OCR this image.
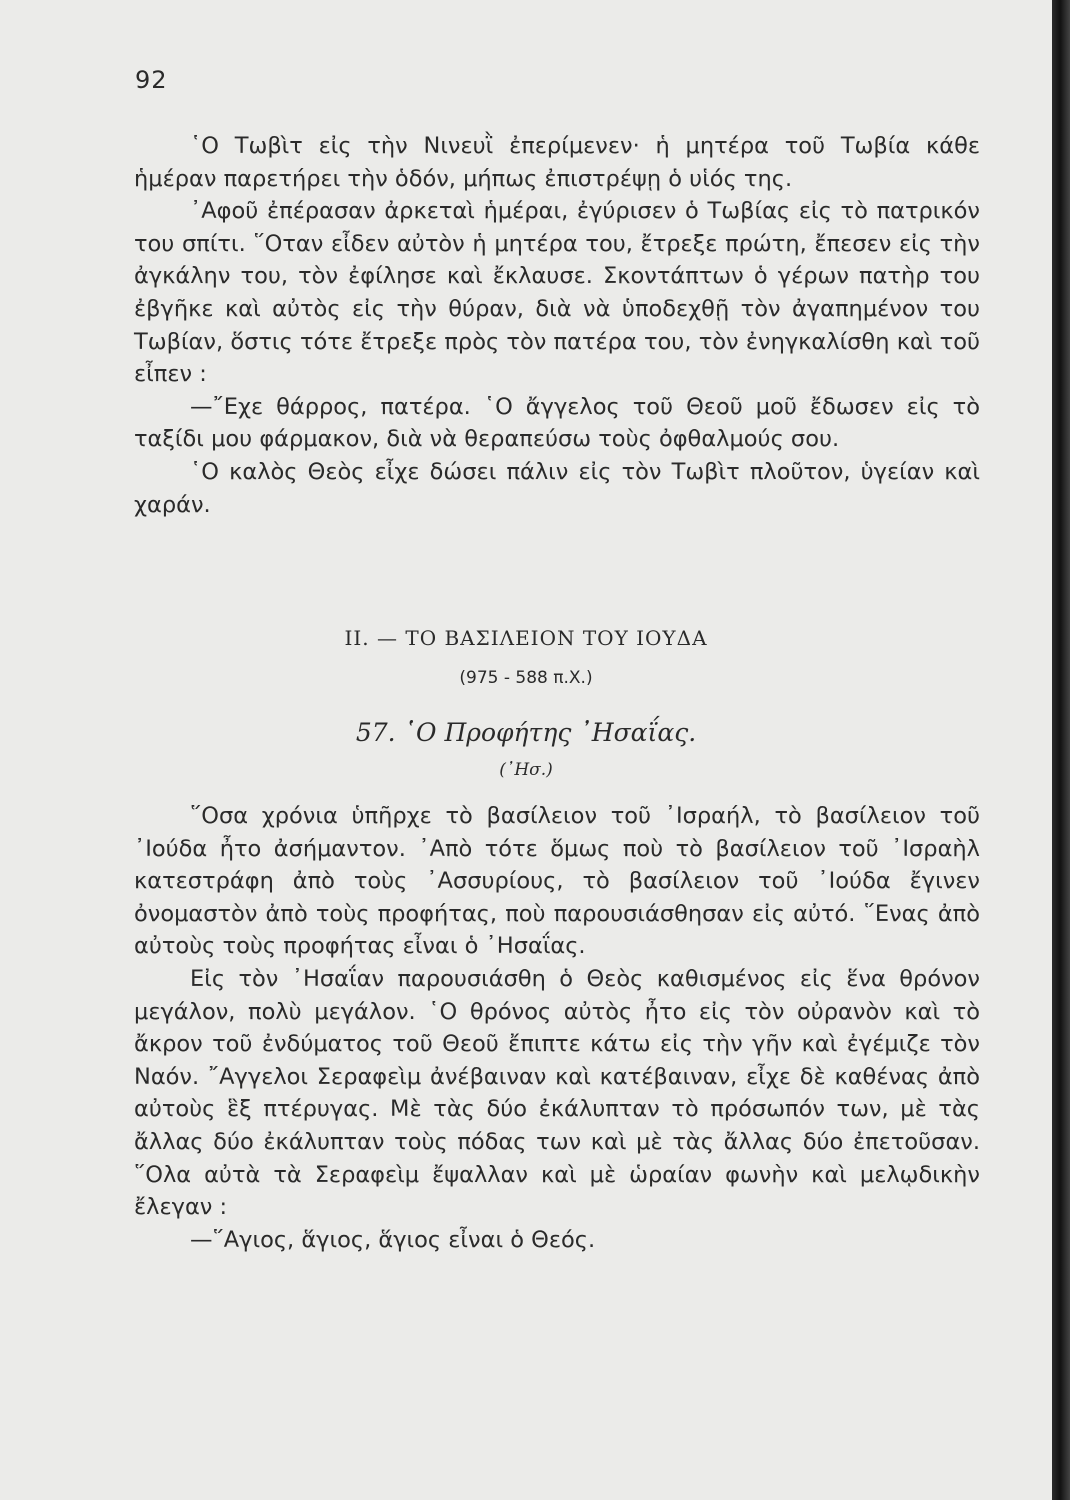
92

῾Ο Τωβὶτ εἰς τὴν Νινευῒ ἐπερίμενεν· ἡ μητέρα τοῦ Τωβία κάθε ἡμέραν παρετήρει τὴν ὁδόν, μήπως ἐπιστρέψῃ ὁ υἱός της.

᾿Αφοῦ ἐπέρασαν ἀρκεταὶ ἡμέραι, ἐγύρισεν ὁ Τωβίας εἰς τὸ πατρικόν του σπίτι. ῞Οταν εἶδεν αὐτὸν ἡ μητέρα του, ἔτρεξε πρώτη, ἔπεσεν εἰς τὴν ἀγκάλην του, τὸν ἐφίλησε καὶ ἔκλαυσε. Σκοντάπτων ὁ γέρων πατὴρ του ἐβγῆκε καὶ αὐτὸς εἰς τὴν θύραν, διὰ νὰ ὑποδεχθῇ τὸν ἀγαπημένον του Τωβίαν, ὅστις τότε ἔτρεξε πρὸς τὸν πατέρα του, τὸν ἐνηγκαλίσθη καὶ τοῦ εἶπεν :

—῎Εχε θάρρος, πατέρα. ῾Ο ἄγγελος τοῦ Θεοῦ μοῦ ἔδωσεν εἰς τὸ ταξίδι μου φάρμακον, διὰ νὰ θεραπεύσω τοὺς ὀφθαλμούς σου.

῾Ο καλὸς Θεὸς εἶχε δώσει πάλιν εἰς τὸν Τωβὶτ πλοῦτον, ὑγείαν καὶ χαράν.

ΙΙ. — ΤΟ ΒΑΣΙΛΕΙΟΝ ΤΟΥ ΙΟΥΔΑ
(975 - 588 π.Χ.)
57. ῾Ο Προφήτης ᾿Ησαΐας.
(᾿Ησ.)

῞Οσα χρόνια ὑπῆρχε τὸ βασίλειον τοῦ ᾿Ισραήλ, τὸ βασίλειον τοῦ ᾿Ιούδα ἦτο ἀσήμαντον. ᾿Απὸ τότε ὅμως ποὺ τὸ βασίλειον τοῦ ᾿Ισραὴλ κατεστράφη ἀπὸ τοὺς ᾿Ασσυρίους, τὸ βασίλειον τοῦ ᾿Ιούδα ἔγινεν ὀνομαστὸν ἀπὸ τοὺς προφήτας, ποὺ παρουσιάσθησαν εἰς αὐτό. ῞Ενας ἀπὸ αὐτοὺς τοὺς προφήτας εἶναι ὁ ᾿Ησαΐας.

Εἰς τὸν ᾿Ησαΐαν παρουσιάσθη ὁ Θεὸς καθισμένος εἰς ἕνα θρόνον μεγάλον, πολὺ μεγάλον. ῾Ο θρόνος αὐτὸς ἦτο εἰς τὸν οὐρανὸν καὶ τὸ ἄκρον τοῦ ἐνδύματος τοῦ Θεοῦ ἔπιπτε κάτω εἰς τὴν γῆν καὶ ἐγέμιζε τὸν Ναόν. ῎Αγγελοι Σεραφεὶμ ἀνέβαιναν καὶ κατέβαιναν, εἶχε δὲ καθένας ἀπὸ αὐτοὺς ἓξ πτέρυγας. Μὲ τὰς δύο ἐκάλυπταν τὸ πρόσωπόν των, μὲ τὰς ἄλλας δύο ἐκάλυπταν τοὺς πόδας των καὶ μὲ τὰς ἄλλας δύο ἐπετοῦσαν. ῞Ολα αὐτὰ τὰ Σεραφεὶμ ἔψαλλαν καὶ μὲ ὡραίαν φωνὴν καὶ μελῳδικὴν ἔλεγαν :

—῞Αγιος, ἅγιος, ἅγιος εἶναι ὁ Θεός.
